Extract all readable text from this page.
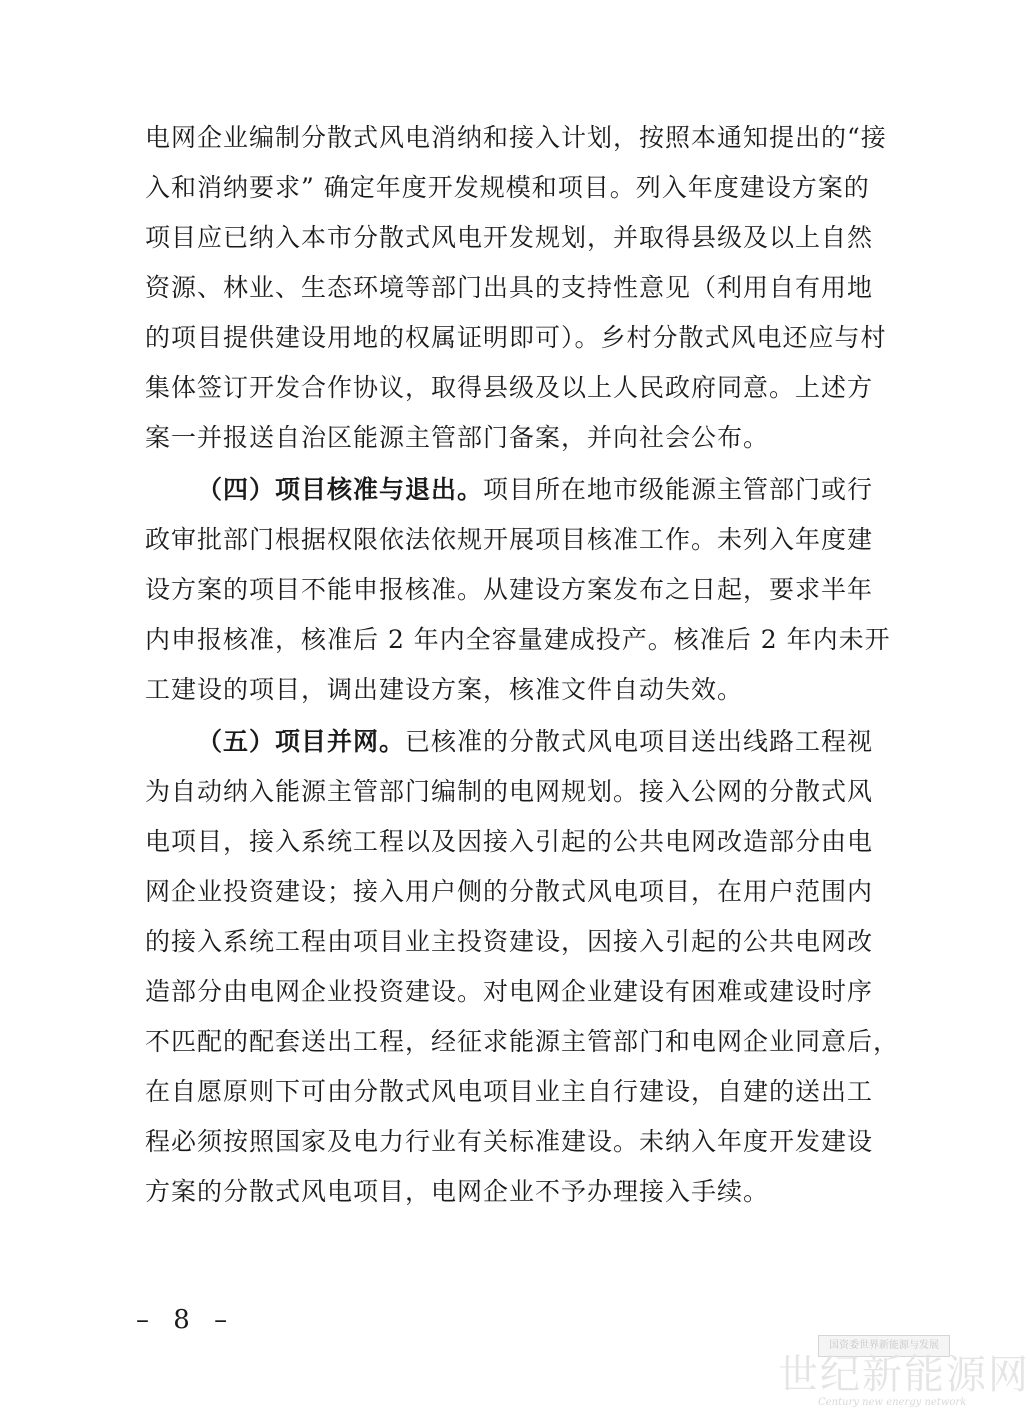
电网企业编制分散式风电消纳和接入计划，按照本通知提出的“接
入和消纳要求” 确定年度开发规模和项目。列入年度建设方案的
项目应已纳入本市分散式风电开发规划，并取得县级及以上自然
资源、林业、生态环境等部门出具的支持性意见（利用自有用地
的项目提供建设用地的权属证明即可）。乡村分散式风电还应与村
集体签订开发合作协议，取得县级及以上人民政府同意。上述方
案一并报送自治区能源主管部门备案，并向社会公布。
（四）项目核准与退出。项目所在地市级能源主管部门或行
政审批部门根据权限依法依规开展项目核准工作。未列入年度建
设方案的项目不能申报核准。从建设方案发布之日起，要求半年
内申报核准，核准后 2 年内全容量建成投产。核准后 2 年内未开
工建设的项目，调出建设方案，核准文件自动失效。
（五）项目并网。已核准的分散式风电项目送出线路工程视
为自动纳入能源主管部门编制的电网规划。接入公网的分散式风
电项目，接入系统工程以及因接入引起的公共电网改造部分由电
网企业投资建设；接入用户侧的分散式风电项目，在用户范围内
的接入系统工程由项目业主投资建设，因接入引起的公共电网改
造部分由电网企业投资建设。对电网企业建设有困难或建设时序
不匹配的配套送出工程，经征求能源主管部门和电网企业同意后，
在自愿原则下可由分散式风电项目业主自行建设，自建的送出工
程必须按照国家及电力行业有关标准建设。未纳入年度开发建设
方案的分散式风电项目，电网企业不予办理接入手续。
– 8 –
国资委世界新能源与发展
世纪新能源网
Century new energy network
